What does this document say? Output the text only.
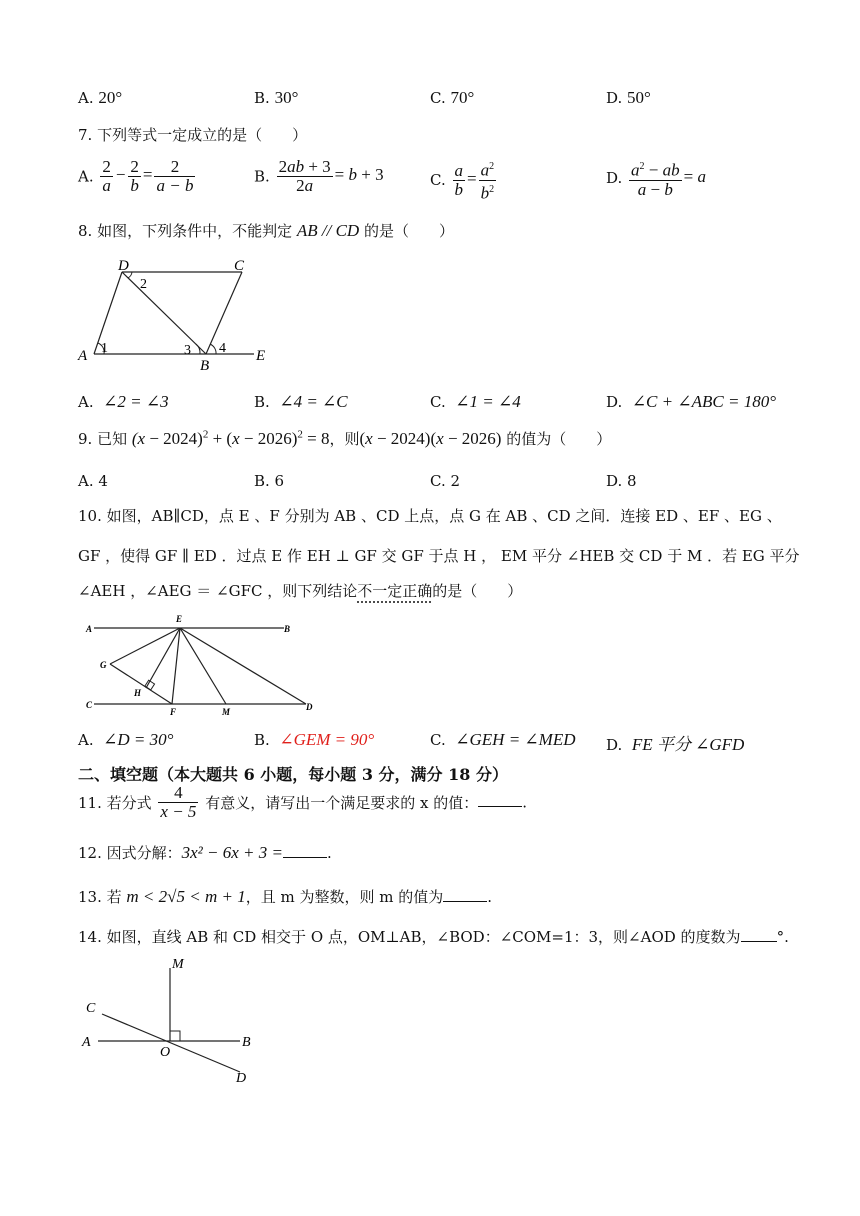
A. 20°	B. 30°	C. 70°	D. 50°
7. 下列等式一定成立的是（　　）
A. $\frac{2}{a} - \frac{2}{b} = \frac{2}{a - b}$	B. $\frac{2ab + 3}{2a} = b + 3$	C. $\frac{a}{b} = \frac{a^2}{b^2}$	D. $\frac{a^2 - ab}{a - b} = a$
8. 如图，下列条件中，不能判定 AB // CD 的是（　　）
D	C
A
B
E
1
2
3 4
A. ∠2 = ∠3	B. ∠4 = ∠C	C. ∠1 = ∠4	D. ∠C + ∠ABC = 180°
9. 已知 $(x - 2024)^2 + (x - 2026)^2 = 8$，则(x − 2024)(x − 2026) 的值为（　　）
A. 4	B. 6	C. 2	D. 8
10. 如图，AB∥CD，点 E 、F 分别为 AB 、CD 上点，点 G 在 AB 、CD 之间．连接 ED 、EF 、EG 、
GF ，使得 GF ∥ ED ．过点 E 作 EH ⊥ GF 交 GF 于点 H ， EM 平分 ∠HEB 交 CD 于 M ．若 EG 平分
∠AEH ，∠AEG ＝ ∠GFC ，则下列结论不一定正确的是（　　）
A
E
B
G
H
C
F	M	D
A. ∠D = 30°	B. ∠GEM = 90°	C. ∠GEH = ∠MED D. FE 平分 ∠GFD
二、填空题（本大题共 6 小题，每小题 3 分，满分 18 分）
11. 若分式 $\frac{4}{x - 5}$ 有意义，请写出一个满足要求的 x 的值：	.
12. 因式分解：3x² − 6x + 3 =	.
13. 若 m < 2√5 < m + 1，且 m 为整数，则 m 的值为	.
14. 如图，直线 AB 和 CD 相交于 O 点，OM⊥AB，∠BOD：∠COM=1：3，则∠AOD 的度数为 °.
M
C
A
O
B
D
